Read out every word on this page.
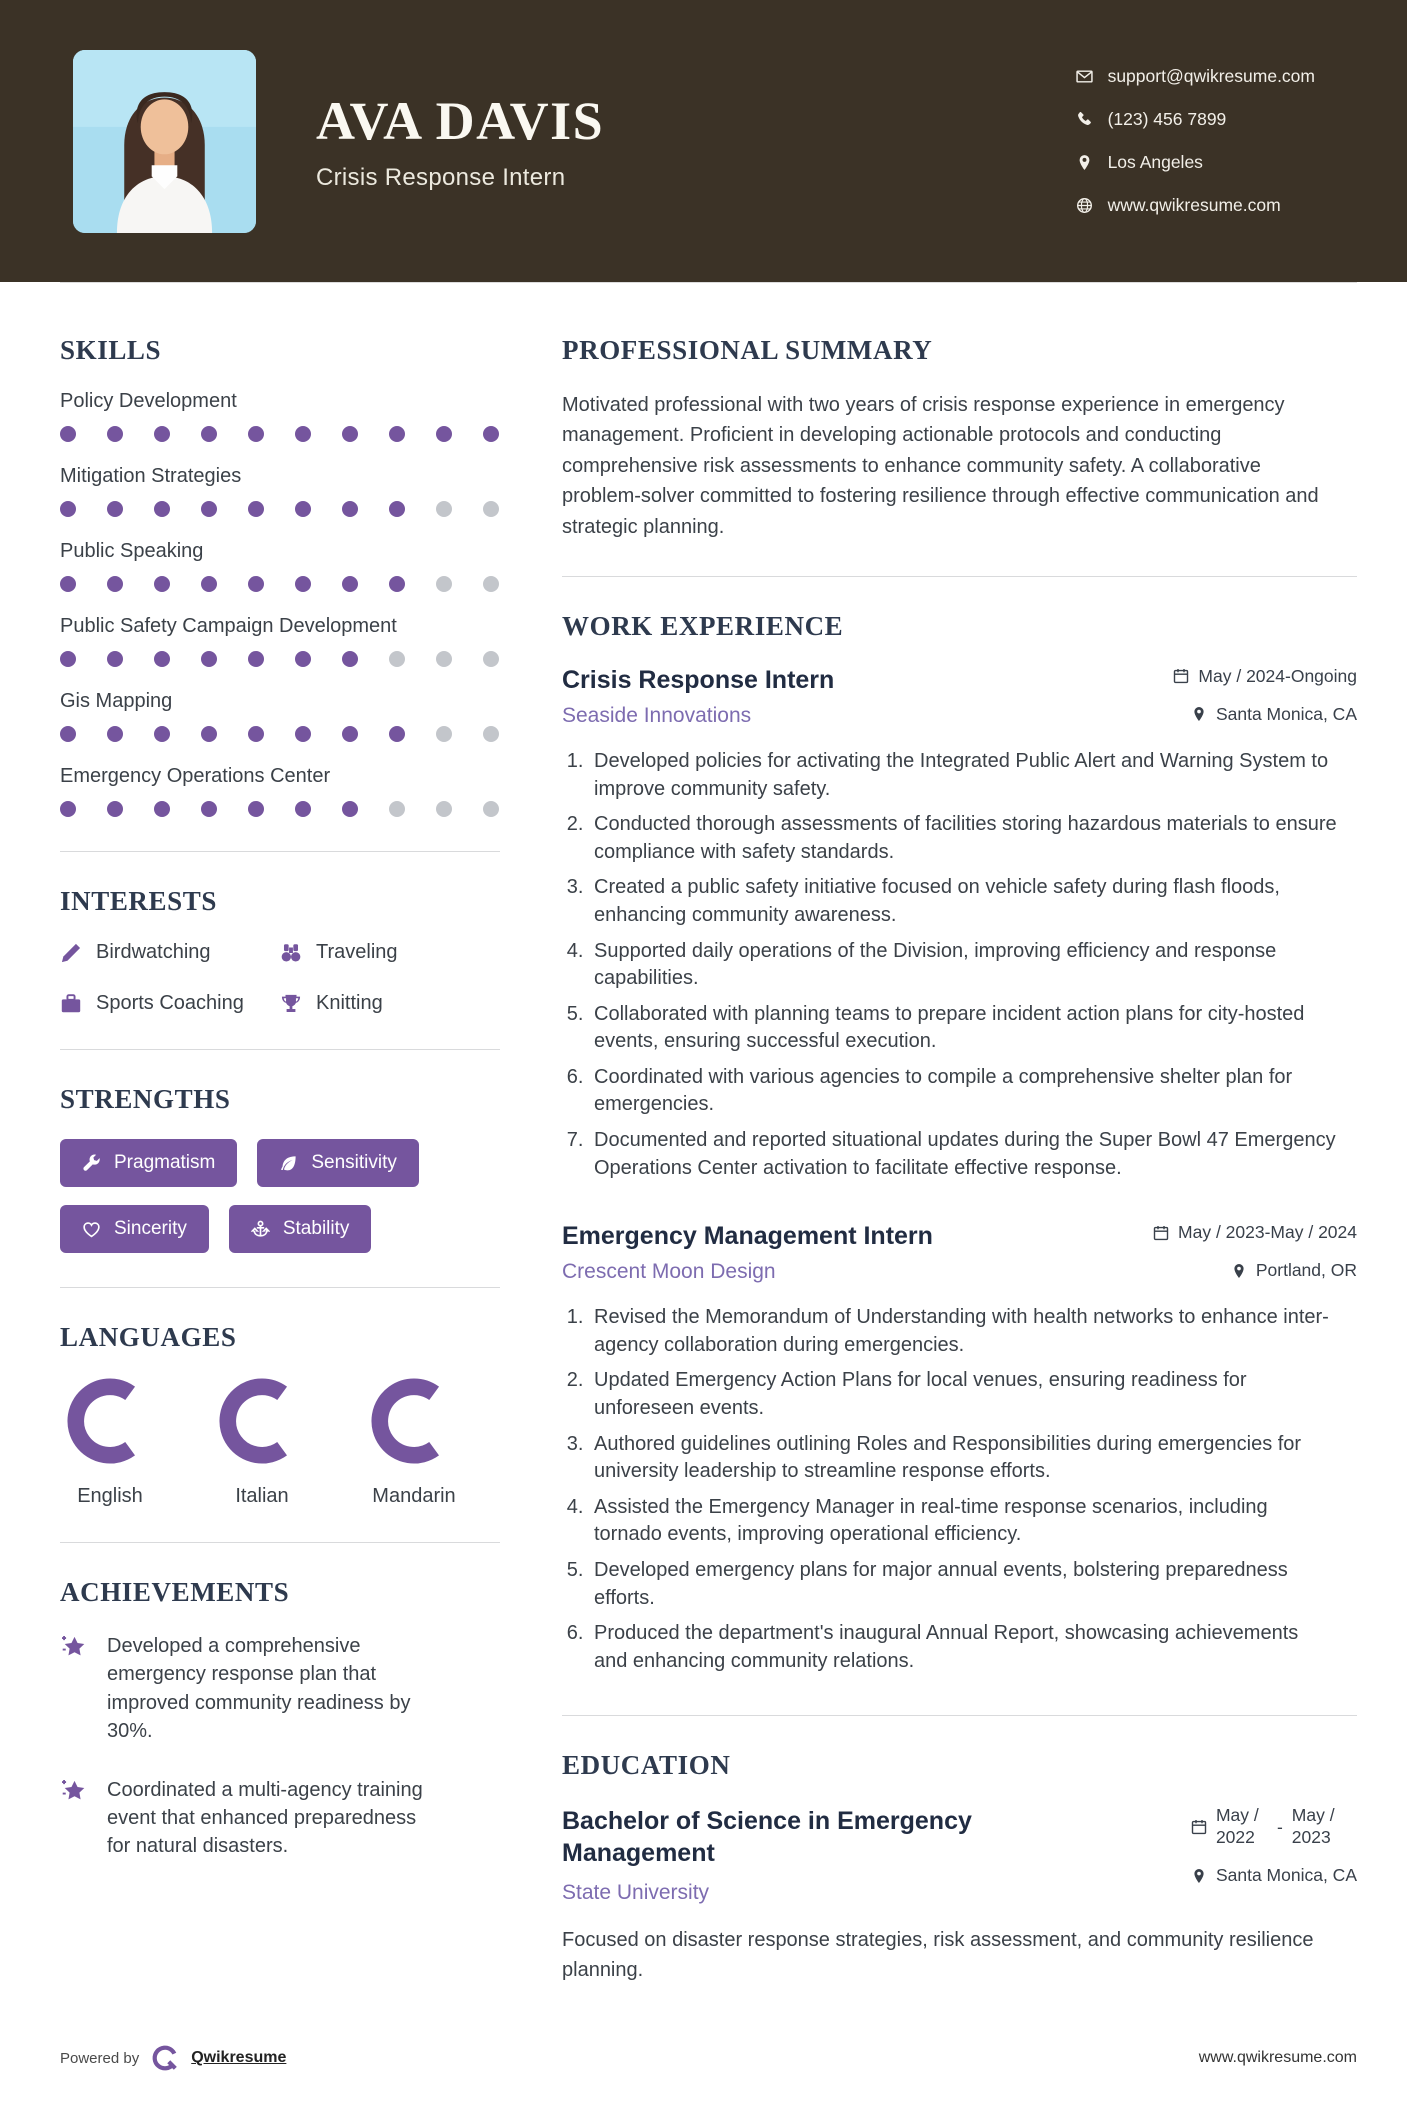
AVA DAVIS
Crisis Response Intern
support@qwikresume.com
(123) 456 7899
Los Angeles
www.qwikresume.com
SKILLS
Policy Development
Mitigation Strategies
Public Speaking
Public Safety Campaign Development
Gis Mapping
Emergency Operations Center
INTERESTS
Birdwatching	Traveling
Sports Coaching	Knitting
STRENGTHS
Pragmatism	Sensitivity
Sincerity	Stability
LANGUAGES
English	Italian	Mandarin
ACHIEVEMENTS

Developed a comprehensive emergency response plan that improved community readiness by 30%.

Coordinated a multi-agency training event that enhanced preparedness for natural disasters.

PROFESSIONAL SUMMARY

Motivated professional with two years of crisis response experience in emergency management. Proficient in developing actionable protocols and conducting comprehensive risk assessments to enhance community safety. A collaborative problem-solver committed to fostering resilience through effective communication and strategic planning.

WORK EXPERIENCE
Crisis Response Intern	May / 2024-Ongoing
Seaside Innovations	Santa Monica, CA
1. Developed policies for activating the Integrated Public Alert and Warning System to improve community safety.
2. Conducted thorough assessments of facilities storing hazardous materials to ensure compliance with safety standards.
3. Created a public safety initiative focused on vehicle safety during flash floods, enhancing community awareness.
4. Supported daily operations of the Division, improving efficiency and response capabilities.
5. Collaborated with planning teams to prepare incident action plans for city-hosted events, ensuring successful execution.
6. Coordinated with various agencies to compile a comprehensive shelter plan for emergencies.
7. Documented and reported situational updates during the Super Bowl 47 Emergency Operations Center activation to facilitate effective response.
Emergency Management Intern	May / 2023-May / 2024
Crescent Moon Design	Portland, OR
1. Revised the Memorandum of Understanding with health networks to enhance inter-agency collaboration during emergencies.
2. Updated Emergency Action Plans for local venues, ensuring readiness for unforeseen events.
3. Authored guidelines outlining Roles and Responsibilities during emergencies for university leadership to streamline response efforts.
4. Assisted the Emergency Manager in real-time response scenarios, including tornado events, improving operational efficiency.
5. Developed emergency plans for major annual events, bolstering preparedness efforts.
6. Produced the department's inaugural Annual Report, showcasing achievements and enhancing community relations.
EDUCATION
Bachelor of Science in Emergency Management
State University
May / 2022
-
May / 2023
Santa Monica, CA

Focused on disaster response strategies, risk assessment, and community resilience planning.

Powered by	Qwikresume	www.qwikresume.com
